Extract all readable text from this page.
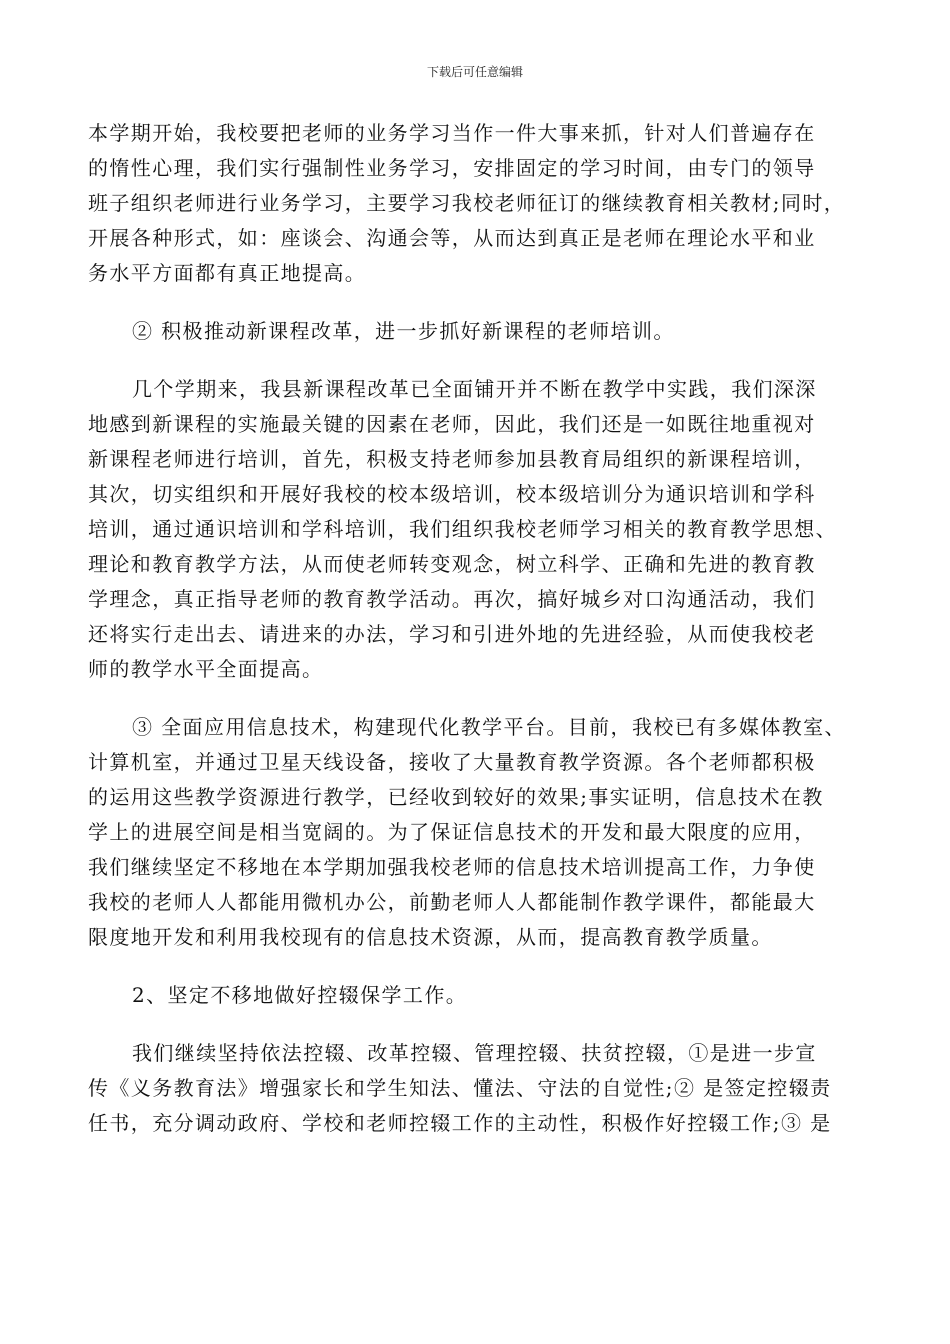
下载后可任意编辑
本学期开始，我校要把老师的业务学习当作一件大事来抓，针对人们普遍存在
的惰性心理，我们实行强制性业务学习，安排固定的学习时间，由专门的领导
班子组织老师进行业务学习，主要学习我校老师征订的继续教育相关教材;同时，
开展各种形式，如：座谈会、沟通会等，从而达到真正是老师在理论水平和业
务水平方面都有真正地提高。
② 积极推动新课程改革，进一步抓好新课程的老师培训。
几个学期来，我县新课程改革已全面铺开并不断在教学中实践，我们深深
地感到新课程的实施最关键的因素在老师，因此，我们还是一如既往地重视对
新课程老师进行培训，首先，积极支持老师参加县教育局组织的新课程培训，
其次，切实组织和开展好我校的校本级培训，校本级培训分为通识培训和学科
培训，通过通识培训和学科培训，我们组织我校老师学习相关的教育教学思想、
理论和教育教学方法，从而使老师转变观念，树立科学、正确和先进的教育教
学理念，真正指导老师的教育教学活动。再次，搞好城乡对口沟通活动，我们
还将实行走出去、请进来的办法，学习和引进外地的先进经验，从而使我校老
师的教学水平全面提高。
③ 全面应用信息技术，构建现代化教学平台。目前，我校已有多媒体教室、
计算机室，并通过卫星天线设备，接收了大量教育教学资源。各个老师都积极
的运用这些教学资源进行教学，已经收到较好的效果;事实证明，信息技术在教
学上的进展空间是相当宽阔的。为了保证信息技术的开发和最大限度的应用，
我们继续坚定不移地在本学期加强我校老师的信息技术培训提高工作，力争使
我校的老师人人都能用微机办公，前勤老师人人都能制作教学课件，都能最大
限度地开发和利用我校现有的信息技术资源，从而，提高教育教学质量。
2、坚定不移地做好控辍保学工作。
我们继续坚持依法控辍、改革控辍、管理控辍、扶贫控辍，①是进一步宣
传《义务教育法》增强家长和学生知法、懂法、守法的自觉性;② 是签定控辍责
任书，充分调动政府、学校和老师控辍工作的主动性，积极作好控辍工作;③ 是
